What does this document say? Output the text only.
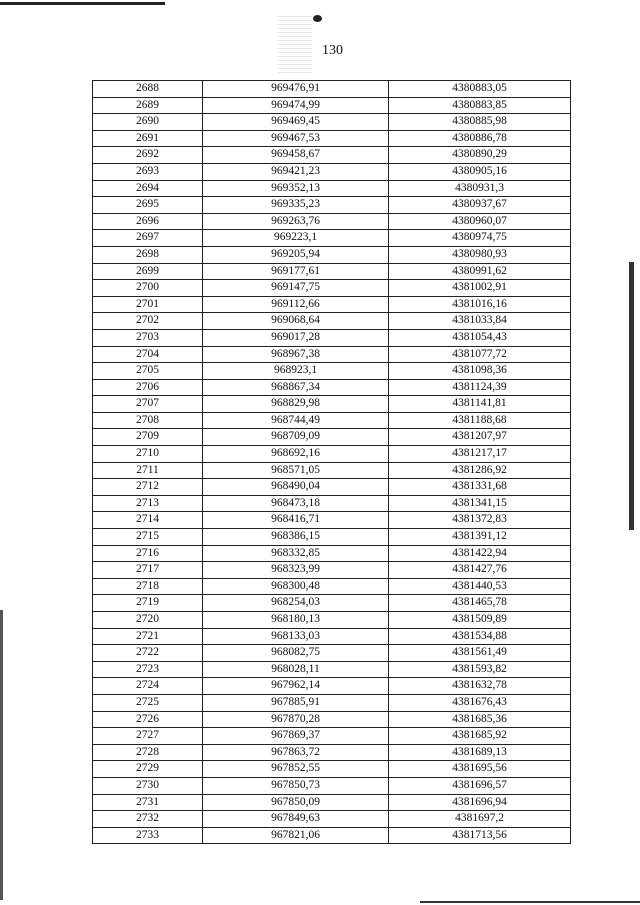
130
2688	969476,91	4380883,05
2689	969474,99	4380883,85
2690	969469,45	4380885,98
2691	969467,53	4380886,78
2692	969458,67	4380890,29
2693	969421,23	4380905,16
2694	969352,13	4380931,3
2695	969335,23	4380937,67
2696	969263,76	4380960,07
2697	969223,1	4380974,75
2698	969205,94	4380980,93
2699	969177,61	4380991,62
2700	969147,75	4381002,91
2701	969112,66	4381016,16
2702	969068,64	4381033,84
2703	969017,28	4381054,43
2704	968967,38	4381077,72
2705	968923,1	4381098,36
2706	968867,34	4381124,39
2707	968829,98	4381141,81
2708	968744,49	4381188,68
2709	968709,09	4381207,97
2710	968692,16	4381217,17
2711	968571,05	4381286,92
2712	968490,04	4381331,68
2713	968473,18	4381341,15
2714	968416,71	4381372,83
2715	968386,15	4381391,12
2716	968332,85	4381422,94
2717	968323,99	4381427,76
2718	968300,48	4381440,53
2719	968254,03	4381465,78
2720	968180,13	4381509,89
2721	968133,03	4381534,88
2722	968082,75	4381561,49
2723	968028,11	4381593,82
2724	967962,14	4381632,78
2725	967885,91	4381676,43
2726	967870,28	4381685,36
2727	967869,37	4381685,92
2728	967863,72	4381689,13
2729	967852,55	4381695,56
2730	967850,73	4381696,57
2731	967850,09	4381696,94
2732	967849,63	4381697,2
2733	967821,06	4381713,56
